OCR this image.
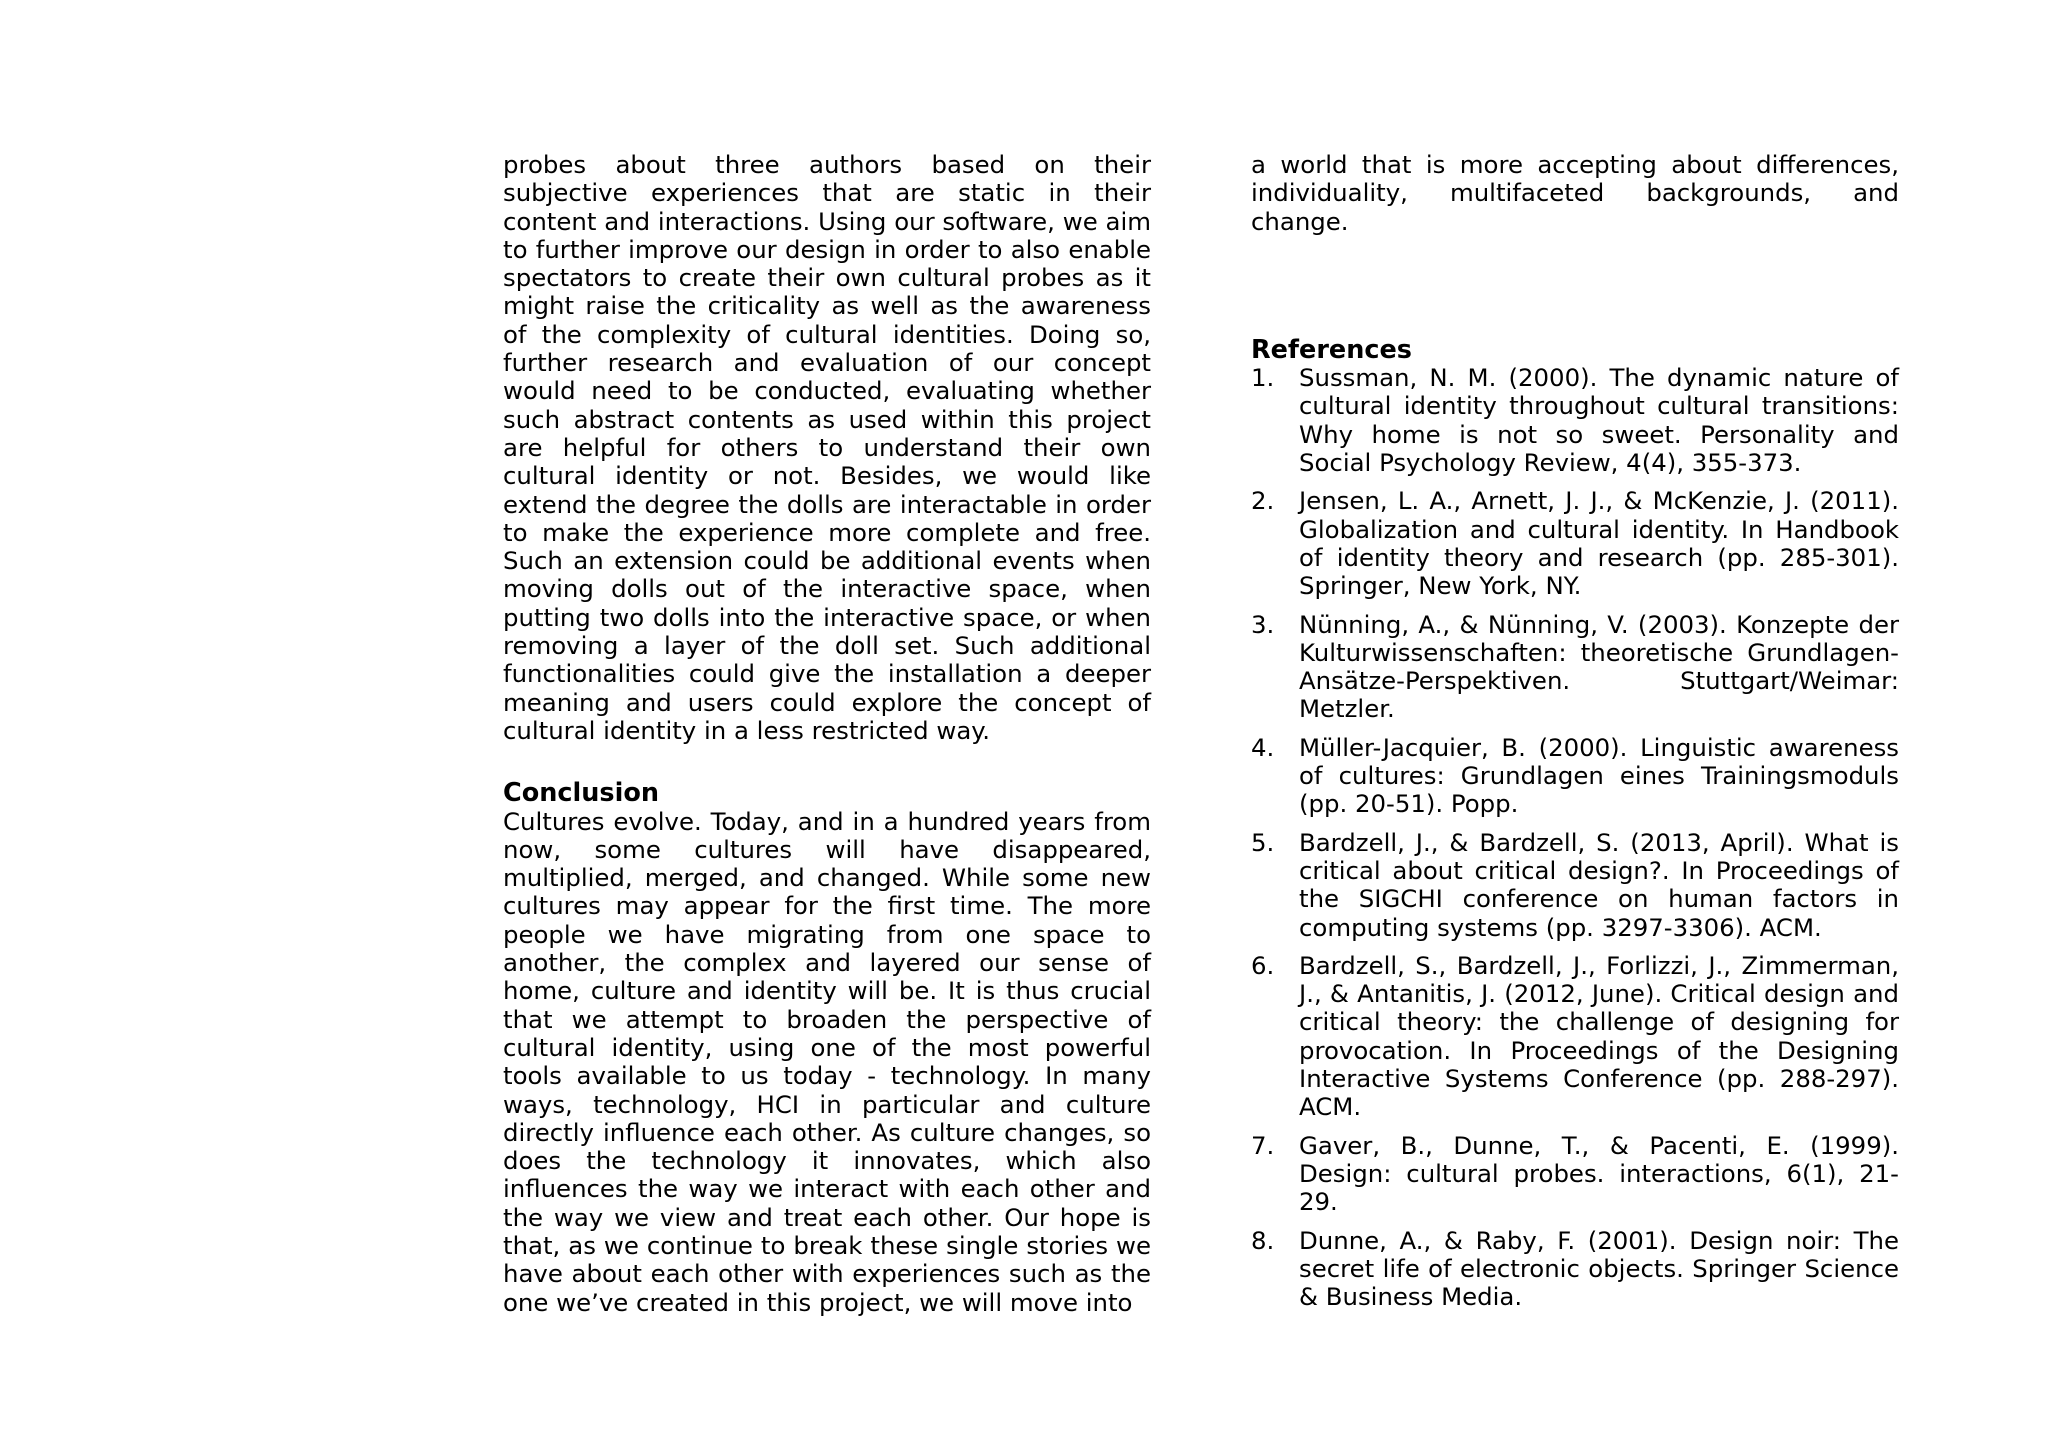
probes about three authors based on their subjective experiences that are static in their content and interactions. Using our software, we aim to further improve our design in order to also enable spectators to create their own cultural probes as it might raise the criticality as well as the awareness of the complexity of cultural identities. Doing so, further research and evaluation of our concept would need to be conducted, evaluating whether such abstract contents as used within this project are helpful for others to understand their own cultural identity or not. Besides, we would like extend the degree the dolls are interactable in order to make the experience more complete and free. Such an extension could be additional events when moving dolls out of the interactive space, when putting two dolls into the interactive space, or when removing a layer of the doll set. Such additional functionalities could give the installation a deeper meaning and users could explore the concept of cultural identity in a less restricted way.

Conclusion

Cultures evolve. Today, and in a hundred years from now, some cultures will have disappeared, multiplied, merged, and changed. While some new cultures may appear for the first time. The more people we have migrating from one space to another, the complex and layered our sense of home, culture and identity will be. It is thus crucial that we attempt to broaden the perspective of cultural identity, using one of the most powerful tools available to us today - technology. In many ways, technology, HCI in particular and culture directly influence each other. As culture changes, so does the technology it innovates, which also influences the way we interact with each other and the way we view and treat each other. Our hope is that, as we continue to break these single stories we have about each other with experiences such as the one we’ve created in this project, we will move into

a world that is more accepting about differences, individuality, multifaceted backgrounds, and change.

References
1. Sussman, N. M. (2000). The dynamic nature of cultural identity throughout cultural transitions: Why home is not so sweet. Personality and Social Psychology Review, 4(4), 355-373.
2. Jensen, L. A., Arnett, J. J., & McKenzie, J. (2011). Globalization and cultural identity. In Handbook of identity theory and research (pp. 285-301). Springer, New York, NY.
3. Nünning, A., & Nünning, V. (2003). Konzepte der Kulturwissenschaften: theoretische Grundlagen-Ansätze-Perspektiven. Stuttgart/Weimar: Metzler.
4. Müller-Jacquier, B. (2000). Linguistic awareness of cultures: Grundlagen eines Trainingsmoduls (pp. 20-51). Popp.
5. Bardzell, J., & Bardzell, S. (2013, April). What is critical about critical design?. In Proceedings of the SIGCHI conference on human factors in computing systems (pp. 3297-3306). ACM.
6. Bardzell, S., Bardzell, J., Forlizzi, J., Zimmerman, J., & Antanitis, J. (2012, June). Critical design and critical theory: the challenge of designing for provocation. In Proceedings of the Designing Interactive Systems Conference (pp. 288-297). ACM.
7. Gaver, B., Dunne, T., & Pacenti, E. (1999). Design: cultural probes. interactions, 6(1), 21-29.
8. Dunne, A., & Raby, F. (2001). Design noir: The secret life of electronic objects. Springer Science & Business Media.
